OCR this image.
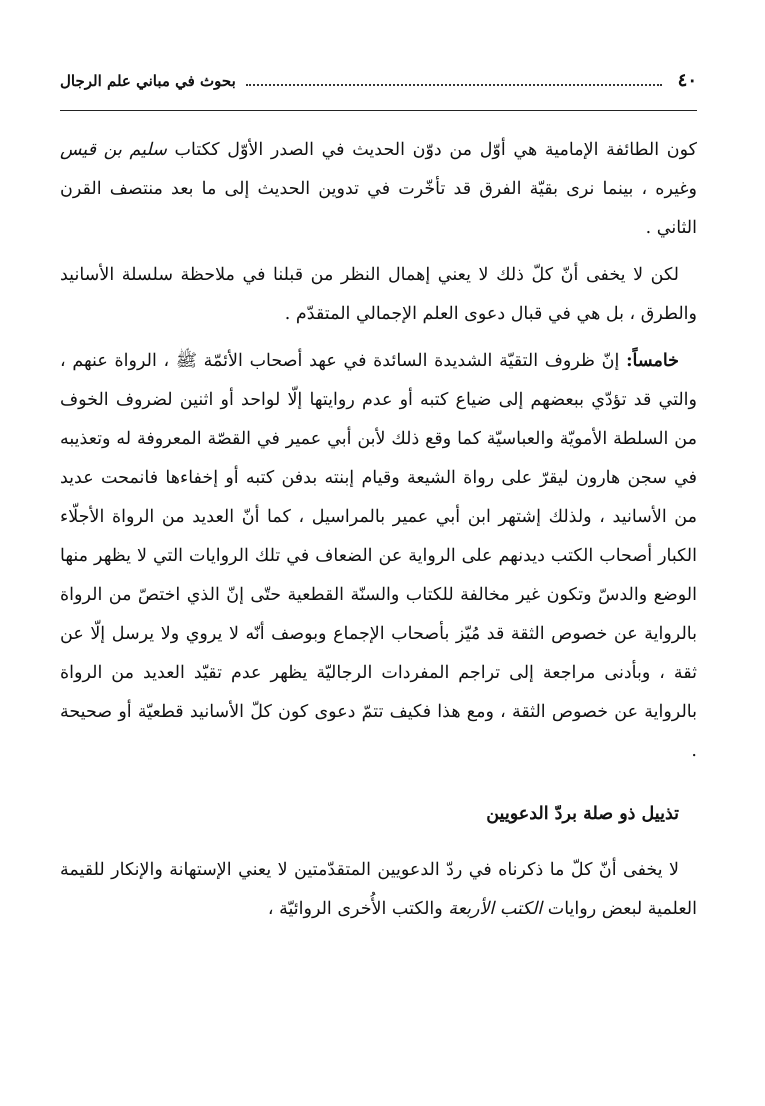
٤٠
بحوث في مباني علم الرجال

كون الطائفة الإمامية هي أوّل من دوّن الحديث في الصدر الأوّل ككتاب سليم بن قيس وغيره ، بينما نرى بقيّة الفرق قد تأخّرت في تدوين الحديث إلى ما بعد منتصف القرن الثاني .

لكن لا يخفى أنّ كلّ ذلك لا يعني إهمال النظر من قبلنا في ملاحظة سلسلة الأسانيد والطرق ، بل هي في قبال دعوى العلم الإجمالي المتقدّم .

خامساً: إنّ ظروف التقيّة الشديدة السائدة في عهد أصحاب الأئمّة ﷺ ، الرواة عنهم ، والتي قد تؤدّي ببعضهم إلى ضياع كتبه أو عدم روايتها إلّا لواحد أو اثنين لضروف الخوف من السلطة الأمويّة والعباسيّة كما وقع ذلك لأبن أبي عمير في القصّة المعروفة له وتعذيبه في سجن هارون ليقرّ على رواة الشيعة وقيام إبنته بدفن كتبه أو إخفاءها فانمحت عديد من الأسانيد ، ولذلك إشتهر ابن أبي عمير بالمراسيل ، كما أنّ العديد من الرواة الأجلّاء الكبار أصحاب الكتب ديدنهم على الرواية عن الضعاف في تلك الروايات التي لا يظهر منها الوضع والدسّ وتكون غير مخالفة للكتاب والسنّة القطعية حتّى إنّ الذي اختصّ من الرواة بالرواية عن خصوص الثقة قد مُيّز بأصحاب الإجماع وبوصف أنّه لا يروي ولا يرسل إلّا عن ثقة ، وبأدنى مراجعة إلى تراجم المفردات الرجاليّة يظهر عدم تقيّد العديد من الرواة بالرواية عن خصوص الثقة ، ومع هذا فكيف تتمّ دعوى كون كلّ الأسانيد قطعيّة أو صحيحة .

تذييل ذو صلة بردّ الدعويين

لا يخفى أنّ كلّ ما ذكرناه في ردّ الدعويين المتقدّمتين لا يعني الإستهانة والإنكار للقيمة العلمية لبعض روايات الكتب الأربعة والكتب الأُخرى الروائيّة ،
